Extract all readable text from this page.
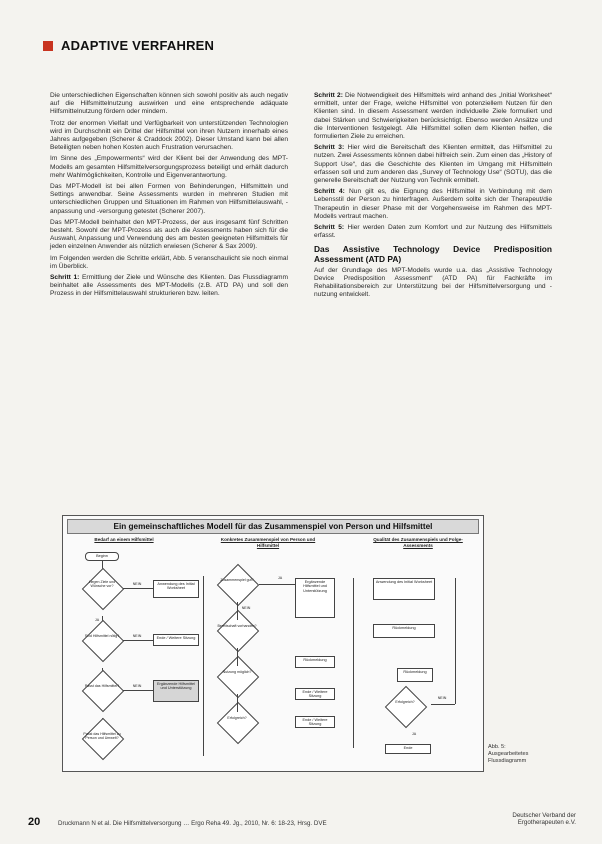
ADAPTIVE VERFAHREN

Die unterschiedlichen Eigenschaften können sich sowohl positiv als auch negativ auf die Hilfsmittelnutzung auswirken und eine entsprechende adäquate Hilfsmittelnutzung fördern oder mindern.

Trotz der enormen Vielfalt und Verfügbarkeit von unterstützenden Technologien wird im Durchschnitt ein Drittel der Hilfsmittel von ihren Nutzern innerhalb eines Jahres aufgegeben (Scherer & Craddock 2002). Dieser Umstand kann bei allen Beteiligten neben hohen Kosten auch Frustration verursachen.

Im Sinne des „Empowerments“ wird der Klient bei der Anwendung des MPT-Modells am gesamten Hilfsmittelversorgungsprozess beteiligt und erhält dadurch mehr Wahlmöglichkeiten, Kontrolle und Eigenverantwortung.

Das MPT-Modell ist bei allen Formen von Behinderungen, Hilfsmitteln und Settings anwendbar. Seine Assessments wurden in mehreren Studien mit unterschiedlichen Gruppen und Situationen im Rahmen von Hilfsmittelauswahl, -anpassung und -versorgung getestet (Scherer 2007).

Das MPT-Modell beinhaltet den MPT-Prozess, der aus insgesamt fünf Schritten besteht. Sowohl der MPT-Prozess als auch die Assessments haben sich für die Auswahl, Anpassung und Verwendung des am besten geeigneten Hilfsmittels für jeden einzelnen Anwender als nützlich erwiesen (Scherer & Sax 2009).

Im Folgenden werden die Schritte erklärt, Abb. 5 veranschaulicht sie noch einmal im Überblick.

Schritt 1: Ermittlung der Ziele und Wünsche des Klienten. Das Flussdiagramm beinhaltet alle Assessments des MPT-Modells (z.B. ATD PA) und soll den Prozess in der Hilfsmittelauswahl strukturieren bzw. leiten.

Schritt 2: Die Notwendigkeit des Hilfsmittels wird anhand des „Initial Worksheet“ ermittelt, unter der Frage, welche Hilfsmittel von potenziellem Nutzen für den Klienten sind. In diesem Assessment werden individuelle Ziele formuliert und dabei Stärken und Schwierigkeiten berücksichtigt. Ebenso werden Ansätze und die Interventionen festgelegt. Alle Hilfsmittel sollen dem Klienten helfen, die formulierten Ziele zu erreichen.

Schritt 3: Hier wird die Bereitschaft des Klienten ermittelt, das Hilfsmittel zu nutzen. Zwei Assessments können dabei hilfreich sein. Zum einen das „History of Support Use“, das die Geschichte des Klienten im Umgang mit Hilfsmitteln erfassen soll und zum anderen das „Survey of Technology Use“ (SOTU), das die generelle Bereitschaft der Nutzung von Technik ermittelt.

Schritt 4: Nun gilt es, die Eignung des Hilfsmittel in Verbindung mit dem Lebensstil der Person zu hinterfragen. Außerdem sollte sich der Therapeut/die Therapeutin in dieser Phase mit der Vorgehensweise im Rahmen des MPT-Modells vertraut machen.

Schritt 5: Hier werden Daten zum Komfort und zur Nutzung des Hilfsmittels erfasst.

Das Assistive Technology Device Predisposition Assessment (ATD PA)

Auf der Grundlage des MPT-Modells wurde u.a. das „Assistive Technology Device Predisposition Assessment“ (ATD PA) für Fachkräfte im Rehabilitationsbereich zur Unterstützung bei der Hilfsmittelversorgung und -nutzung entwickelt.

Ein gemeinschaftliches Modell für das Zusammenspiel von Person und Hilfsmittel
Bedarf an einem Hilfsmittel	Konkretes Zusammenspiel von Person und Hilfsmittel
Qualität des Zusammenspiels und Folge-Assessments
Beginn
Liegen Ziele und Wünsche vor?
Sind Hilfsmittel nötig?
Passt das Hilfsmittel?
Passt das Hilfsmittel zu Person und Umwelt?
Anwendung des Initial Worksheet
Ende / Weitere Sitzung
Ergänzende Hilfsmittel und Unterstützung
NEIN
NEIN
NEIN
JA
Zusammenspiel gut?
Bereitschaft vorhanden?
Nutzung möglich?
Erfolgreich?
Ergänzende Hilfsmittel und Unterstützung
Rückmeldung
Ende / Weitere Sitzung
Ende / Weitere Sitzung
JA
NEIN
Anwendung des Initial Worksheet
Rückmeldung
Rückmeldung
Erfolgreich?
Ende
NEIN
JA
Abb. 5:
Ausgearbeitetes Flussdiagramm
20	Druckmann N et al. Die Hilfsmittelversorgung … Ergo Reha 49. Jg., 2010, Nr. 6: 18-23, Hrsg. DVE
Deutscher Verband der
Ergotherapeuten e.V.
